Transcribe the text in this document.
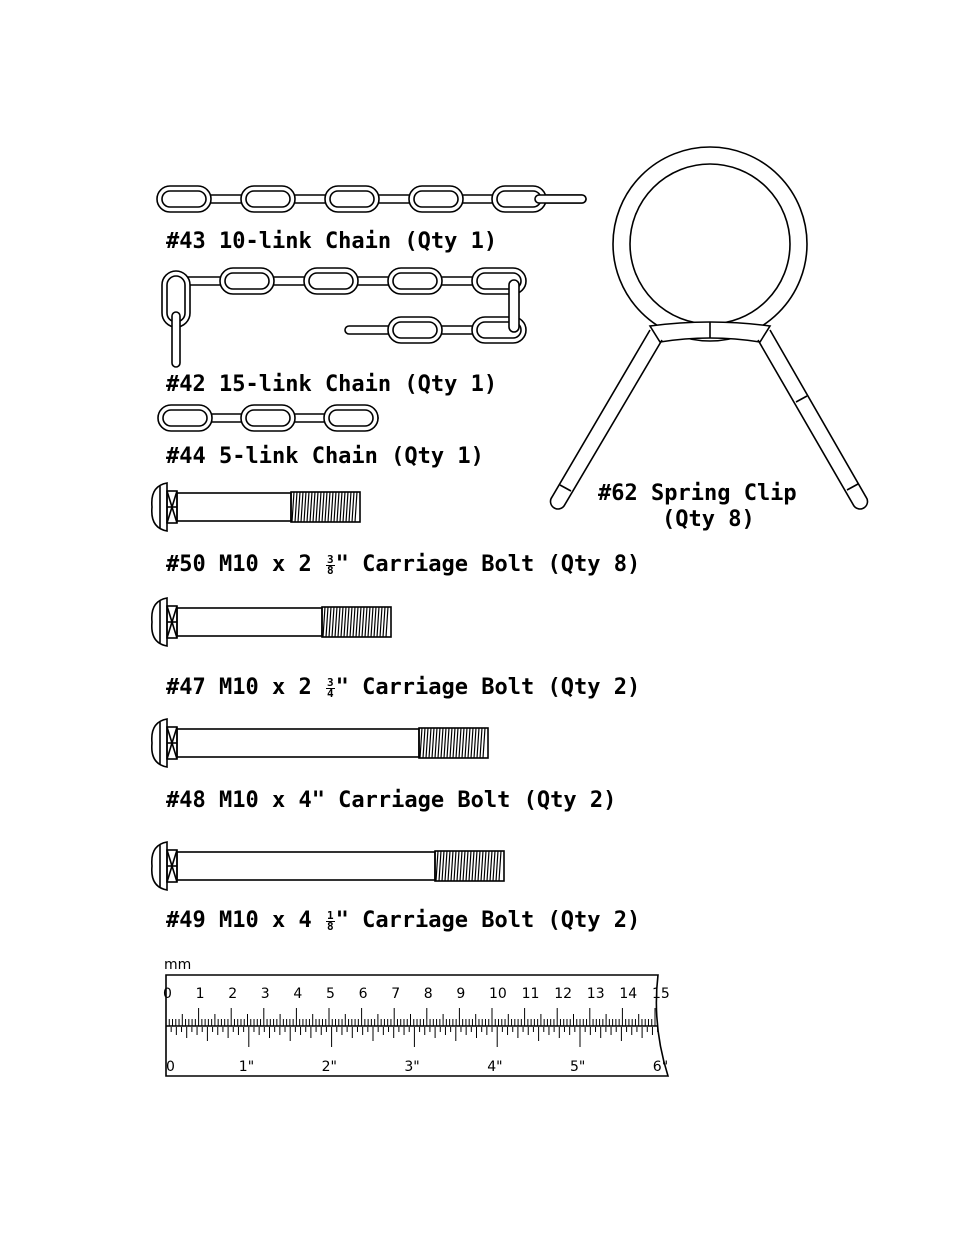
mm
0 1 2 3 4 5 6 7 8 9 10 11 12 13 14 15
0	1"	2"	3"	4"	5"	6"
#43 10-link Chain (Qty 1)
#42 15-link Chain (Qty 1)
#44 5-link Chain (Qty 1)
#62 Spring Clip
(Qty 8)
#50 M10 x $2 \frac{3}{8}$ " Carriage Bolt (Qty 8)
#47 M10 x $2 \frac{3}{4}$ " Carriage Bolt (Qty 2)
#48 M10 x 4" Carriage Bolt (Qty 2)
#49 M10 x $4 \frac{1}{8}$ " Carriage Bolt (Qty 2)
